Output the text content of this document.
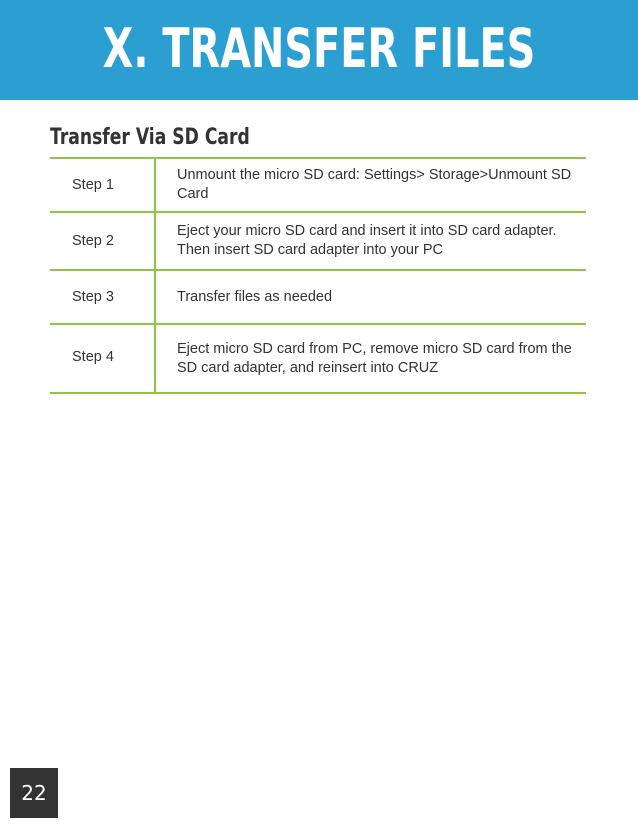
X. TRANSFER FILES
Transfer Via SD Card
Step 1
Unmount the micro SD card: Settings> Storage>Unmount SD Card
Step 2
Eject your micro SD card and insert it into SD card adapter. Then insert SD card adapter into your PC
Step 3	Transfer files as needed
Step 4	Eject micro SD card from PC, remove micro SD card from the SD card adapter, and reinsert into CRUZ
22
